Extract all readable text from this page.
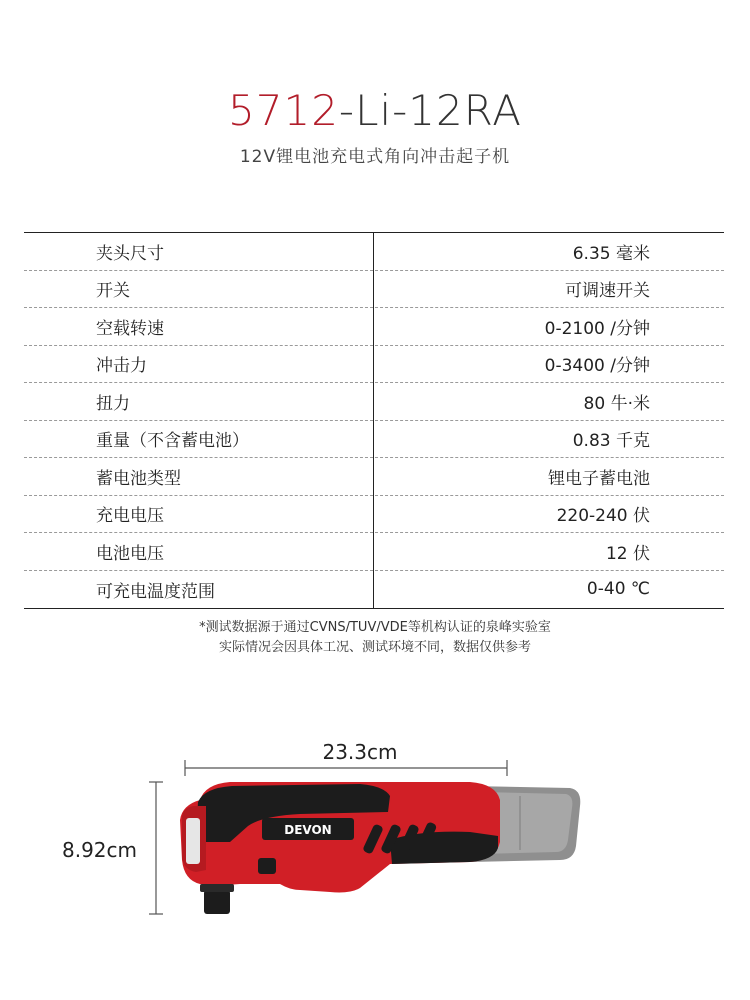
5712-Li-12RA
12V锂电池充电式角向冲击起子机
夹头尺寸	6.35 毫米
开关	可调速开关
空载转速	0-2100 /分钟
冲击力	0-3400 /分钟
扭力	80 牛·米
重量（不含蓄电池）	0.83 千克
蓄电池类型	锂电子蓄电池
充电电压	220-240 伏
电池电压	12 伏
可充电温度范围	0-40 ℃
*测试数据源于通过CVNS/TUV/VDE等机构认证的泉峰实验室
实际情况会因具体工况、测试环境不同，数据仅供参考
23.3cm
8.92cm
DEVON
